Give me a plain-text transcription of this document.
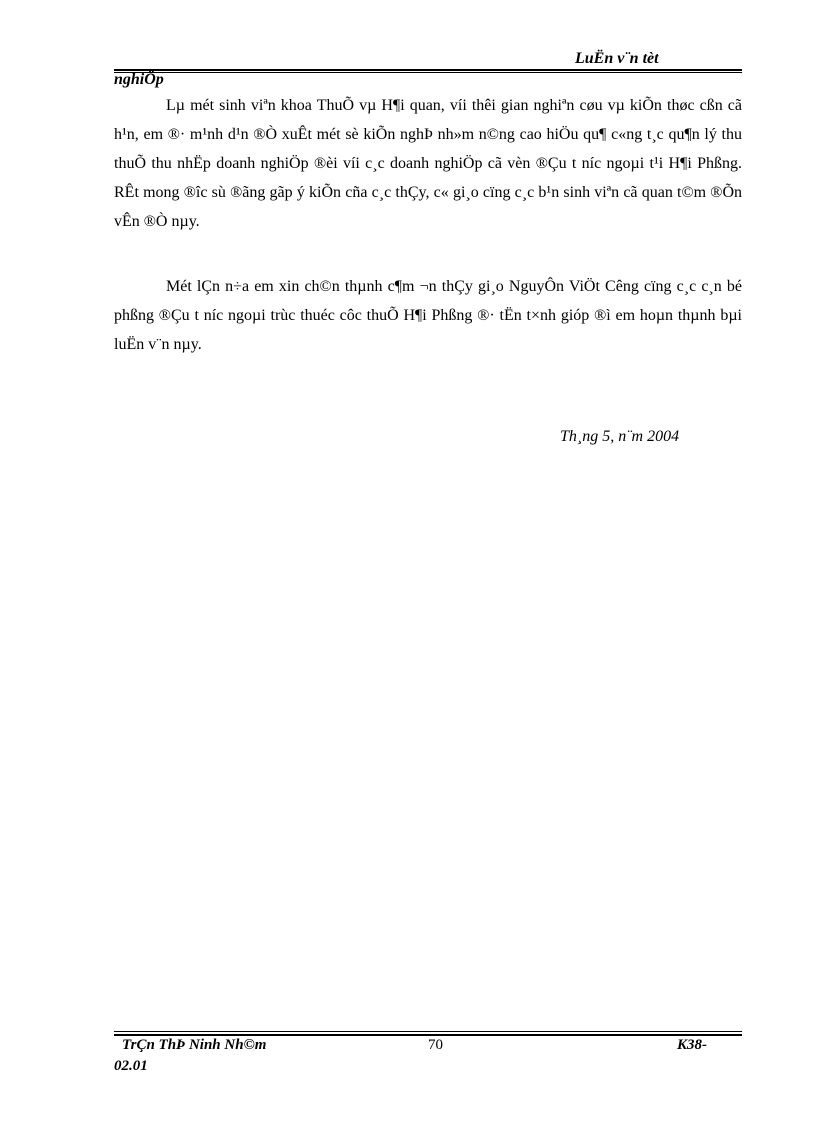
LuËn v¨n tèt
nghiÖp

Lµ mét sinh viªn khoa ThuÕ vµ H¶i quan, víi thêi gian nghiªn cøu vµ kiÕn thøc cßn cã h¹n, em ®· m¹nh d¹n ®Ò xuÊt mét sè kiÕn nghÞ nh»m n©ng cao hiÖu qu¶ c«ng t¸c qu¶n lý thu thuÕ thu nhËp doanh nghiÖp ®èi víi c¸c doanh nghiÖp cã vèn ®Çu t níc ngoµi t¹i H¶i Phßng. RÊt mong ®îc sù ®ãng gãp ý kiÕn cña c¸c thÇy, c« gi¸o cïng c¸c b¹n sinh viªn cã quan t©m ®Õn vÊn ®Ò nµy.

Mét lÇn n÷a em xin ch©n thµnh c¶m ¬n thÇy gi¸o NguyÔn ViÖt Cêng cïng c¸c c¸n bé phßng ®Çu t níc ngoµi trùc thuéc côc thuÕ H¶i Phßng ®· tËn t×nh gióp ®ì em hoµn thµnh bµi luËn v¨n nµy.

Th¸ng 5, n¨m 2004
TrÇn ThÞ Ninh Nh©m
02.01
70	K38-
